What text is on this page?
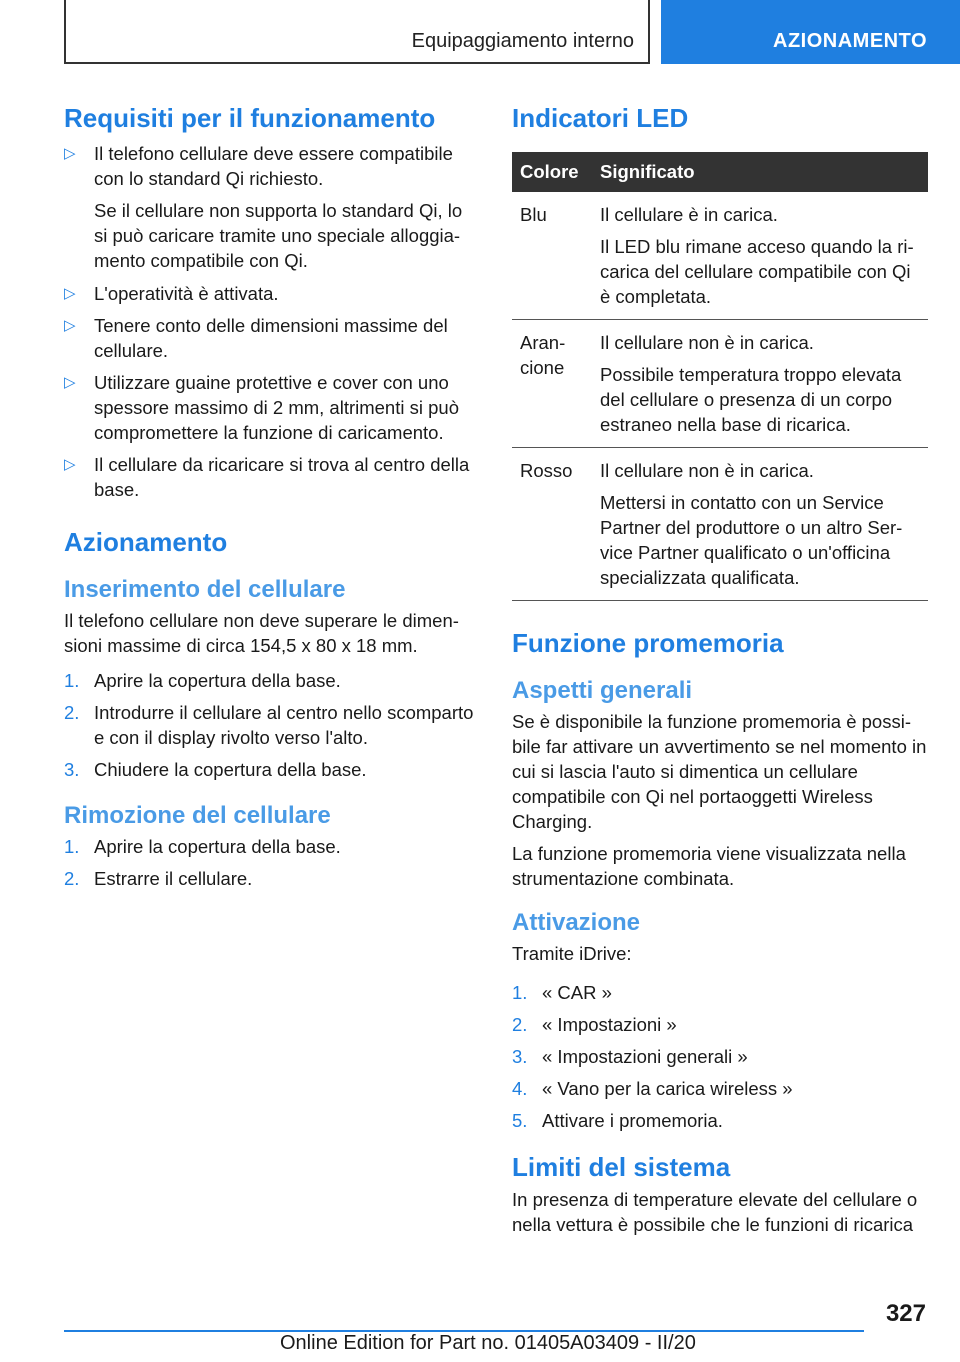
Equipaggiamento interno	AZIONAMENTO
Requisiti per il funzionamento
▷ Il telefono cellulare deve essere compatibile con lo standard Qi richiesto.
Se il cellulare non supporta lo standard Qi, lo si può caricare tramite uno speciale alloggiamento compatibile con Qi.
▷ L'operatività è attivata.
▷ Tenere conto delle dimensioni massime del cellulare.
▷ Utilizzare guaine protettive e cover con uno spessore massimo di 2 mm, altrimenti si può compromettere la funzione di caricamento.
▷ Il cellulare da ricaricare si trova al centro della base.
Azionamento
Inserimento del cellulare
Il telefono cellulare non deve superare le dimensioni massime di circa 154,5 x 80 x 18 mm.
1. Aprire la copertura della base.
2. Introdurre il cellulare al centro nello scomparto e con il display rivolto verso l'alto.
3. Chiudere la copertura della base.
Rimozione del cellulare
1. Aprire la copertura della base.
2. Estrarre il cellulare.
Indicatori LED
Colore	Significato
Blu	Il cellulare è in carica.
Il LED blu rimane acceso quando la ricarica del cellulare compatibile con Qi è completata.

Arancione	Il cellulare non è in carica.
Possibile temperatura troppo elevata del cellulare o presenza di un corpo estraneo nella base di ricarica.

Rosso	Il cellulare non è in carica.
Mettersi in contatto con un Service Partner del produttore o un altro Service Partner qualificato o un'officina specializzata qualificata.
Funzione promemoria
Aspetti generali
Se è disponibile la funzione promemoria è possibile far attivare un avvertimento se nel momento in cui si lascia l'auto si dimentica un cellulare compatibile con Qi nel portaoggetti Wireless Charging.
La funzione promemoria viene visualizzata nella strumentazione combinata.
Attivazione
Tramite iDrive:
1. « CAR »
2. « Impostazioni »
3. « Impostazioni generali »
4. « Vano per la carica wireless »
5. Attivare i promemoria.
Limiti del sistema
In presenza di temperature elevate del cellulare o nella vettura è possibile che le funzioni di ricarica
327
Online Edition for Part no. 01405A03409 - II/20
